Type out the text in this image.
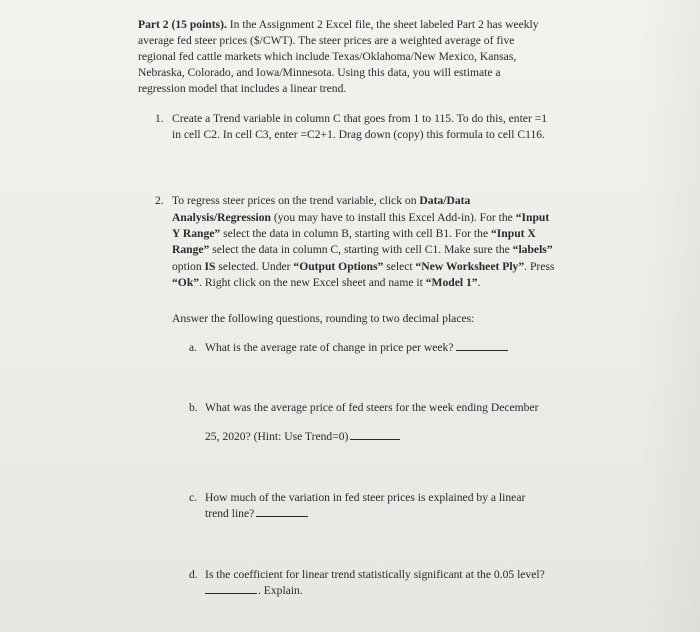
Part 2 (15 points). In the Assignment 2 Excel file, the sheet labeled Part 2 has weekly
average fed steer prices ($/CWT). The steer prices are a weighted average of five
regional fed cattle markets which include Texas/Oklahoma/New Mexico, Kansas,
Nebraska, Colorado, and Iowa/Minnesota. Using this data, you will estimate a
regression model that includes a linear trend.
1. Create a Trend variable in column C that goes from 1 to 115. To do this, enter =1
in cell C2. In cell C3, enter =C2+1. Drag down (copy) this formula to cell C116.
2. To regress steer prices on the trend variable, click on Data/Data
Analysis/Regression (you may have to install this Excel Add-in). For the “Input
Y Range” select the data in column B, starting with cell B1. For the “Input X
Range” select the data in column C, starting with cell C1. Make sure the “labels”
option IS selected. Under “Output Options” select “New Worksheet Ply”. Press
“Ok”. Right click on the new Excel sheet and name it “Model 1”.
Answer the following questions, rounding to two decimal places:
a. What is the average rate of change in price per week?
b. What was the average price of fed steers for the week ending December
25, 2020? (Hint: Use Trend=0)
c. How much of the variation in fed steer prices is explained by a linear
trend line?
d. Is the coefficient for linear trend statistically significant at the 0.05 level?
. Explain.
